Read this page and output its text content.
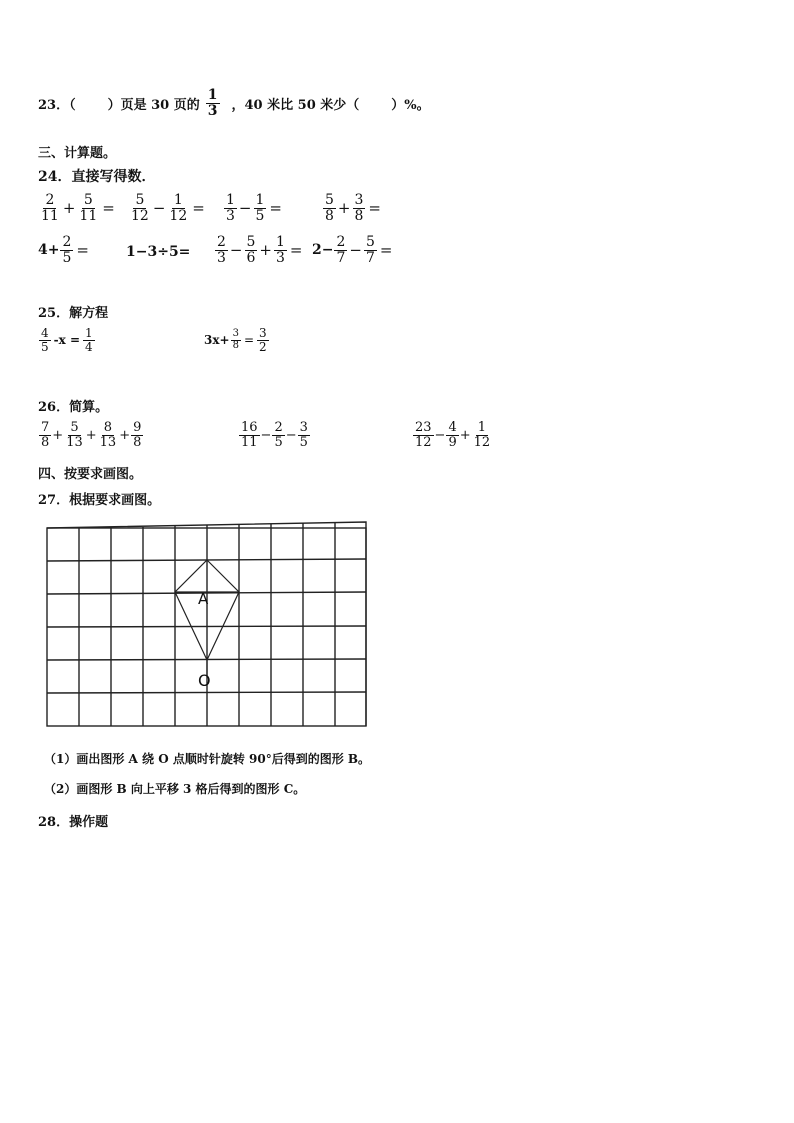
23．（ ）页是 30 页的 $\frac{1}{3}$ ，40 米比 50 米少（ ）%。
三、计算题。
24．直接写得数．
$\frac{2}{11} + \frac{5}{11} = \frac{5}{12} - \frac{1}{12} = \frac{1}{3} - \frac{1}{5}$ =	$\frac{5}{8} + \frac{3}{8}$ =
$4+ \frac{2}{5}$ =	$1-3\div 5= \frac{2}{3} - \frac{5}{6} + \frac{1}{3} = 2- \frac{2}{7} - \frac{5}{7}$ =
25．解方程
$\frac{4}{5} -x = \frac{1}{4}$	$3x+ \frac{3}{8} = \frac{3}{2}$
26．简算。
$\frac{7}{8} + \frac{5}{13} + \frac{8}{13} + \frac{9}{8}$	$\frac{16}{11} - \frac{2}{5} - \frac{3}{5}$	$\frac{23}{12} - \frac{4}{9} + \frac{1}{12}$
四、按要求画图。
27．根据要求画图。
A
O
（1）画出图形 A 绕 O 点顺时针旋转 90°后得到的图形 B。
（2）画图形 B 向上平移 3 格后得到的图形 C。
28．操作题
